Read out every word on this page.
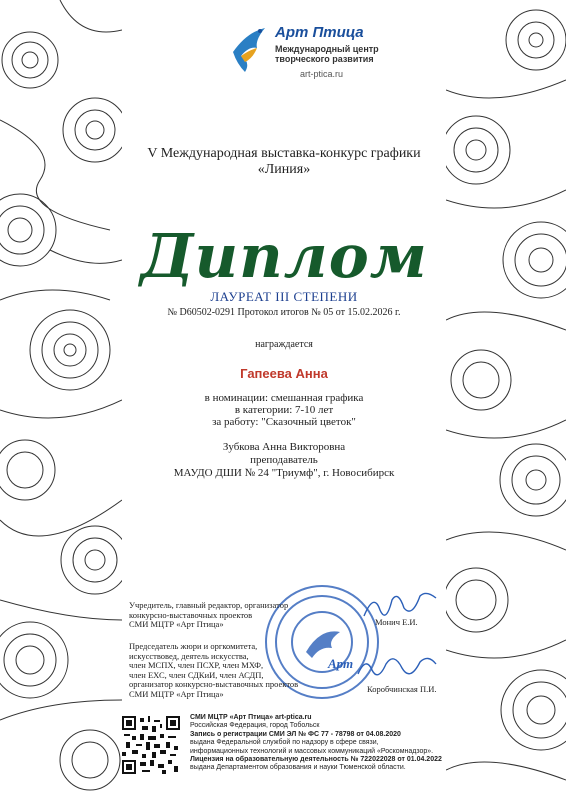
Арт Птица
Международный центр
творческого развития
art-ptica.ru
V Международная выставка-конкурс графики
«Линия»
Диплом
ЛАУРЕАТ III СТЕПЕНИ
№ D60502-0291 Протокол итогов № 05 от 15.02.2026 г.
награждается
Гапеева Анна
в номинации: смешанная графика
в категории: 7-10 лет
за работу: "Сказочный цветок"
Зубкова Анна Викторовна
преподаватель
МАУДО ДШИ № 24 "Триумф", г. Новосибирск
Арт
Учредитель, главный редактор, организатор
конкурсно-выставочных проектов
СМИ МЦТР «Арт Птица»	Монич Е.И.
Председатель жюри и оргкомитета,
искусствовед, деятель искусства,
член МСПХ, член ПСХР, член МХФ,
член ЕХС, член СДКиИ, член АСДП,
организатор конкурсно-выставочных проектов
СМИ МЦТР «Арт Птица»	Коробчинская П.И.
СМИ МЦТР «Арт Птица» art-ptica.ru
Российская Федерация, город Тобольск
Запись о регистрации СМИ ЭЛ № ФС 77 - 78798 от 04.08.2020
выдана Федеральной службой по надзору в сфере связи,
информационных технологий и массовых коммуникаций «Роскомнадзор».
Лицензия на образовательную деятельность № 722022028 от 01.04.2022
выдана Департаментом образования и науки Тюменской области.
